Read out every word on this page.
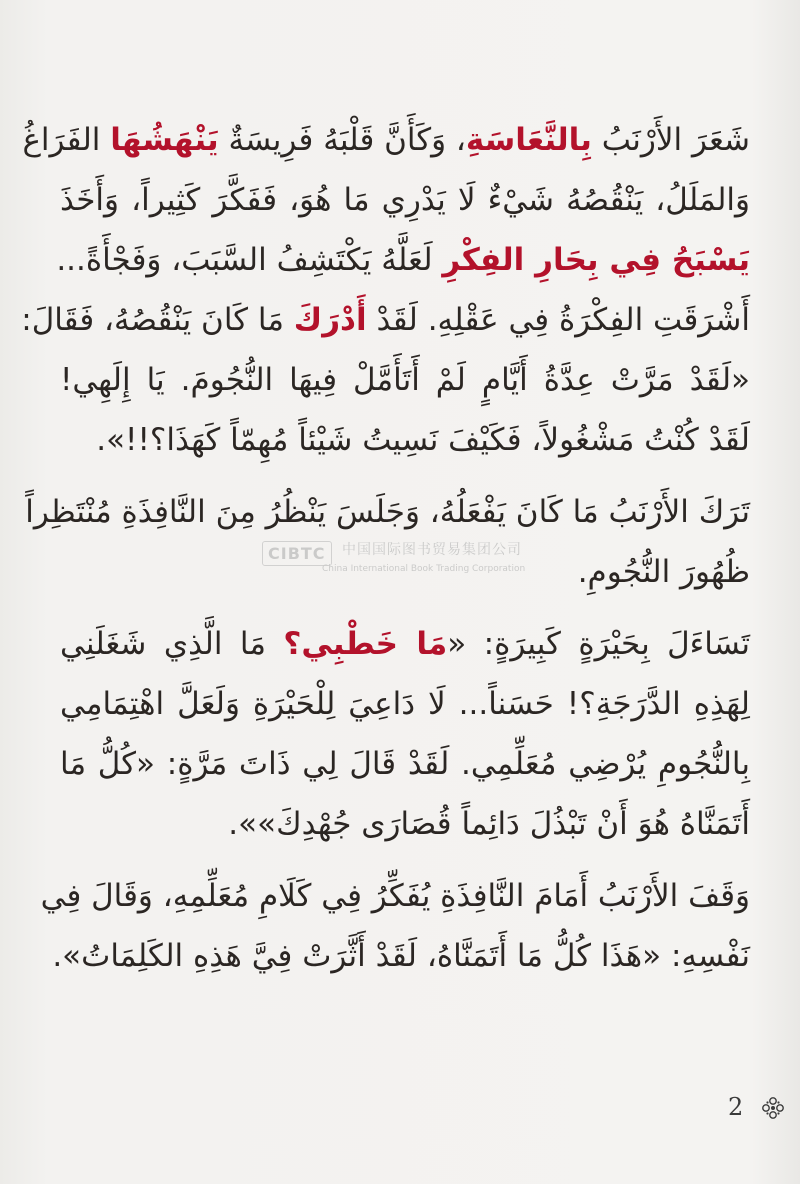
شَعَرَ الأَرْنَبُ بِالنَّعَاسَةِ، وَكَأَنَّ قَلْبَهُ فَرِيسَةٌ يَنْهَشُهَا الفَرَاغُ
وَالمَلَلُ، يَنْقُصُهُ شَيْءٌ لَا يَدْرِي مَا هُوَ، فَفَكَّرَ كَثِيراً، وَأَخَذَ
يَسْبَحُ فِي بِحَارِ الفِكْرِ لَعَلَّهُ يَكْتَشِفُ السَّبَبَ، وَفَجْأَةً...
أَشْرَقَتِ الفِكْرَةُ فِي عَقْلِهِ. لَقَدْ أَدْرَكَ مَا كَانَ يَنْقُصُهُ، فَقَالَ:
«لَقَدْ مَرَّتْ عِدَّةُ أَيَّامٍ لَمْ أَتَأَمَّلْ فِيهَا النُّجُومَ. يَا إِلَهِي!
لَقَدْ كُنْتُ مَشْغُولاً، فَكَيْفَ نَسِيتُ شَيْئاً مُهِمّاً كَهَذَا؟!!».
تَرَكَ الأَرْنَبُ مَا كَانَ يَفْعَلُهُ، وَجَلَسَ يَنْظُرُ مِنَ النَّافِذَةِ مُنْتَظِراً
ظُهُورَ النُّجُومِ.
تَسَاءَلَ بِحَيْرَةٍ كَبِيرَةٍ: «مَا خَطْبِي؟ مَا الَّذِي شَغَلَنِي
لِهَذِهِ الدَّرَجَةِ؟! حَسَناً... لَا دَاعِيَ لِلْحَيْرَةِ وَلَعَلَّ اهْتِمَامِي
بِالنُّجُومِ يُرْضِي مُعَلِّمِي. لَقَدْ قَالَ لِي ذَاتَ مَرَّةٍ: «كُلُّ مَا
أَتَمَنَّاهُ هُوَ أَنْ تَبْذُلَ دَائِماً قُصَارَى جُهْدِكَ»».
وَقَفَ الأَرْنَبُ أَمَامَ النَّافِذَةِ يُفَكِّرُ فِي كَلَامِ مُعَلِّمِهِ، وَقَالَ فِي
نَفْسِهِ: «هَذَا كُلُّ مَا أَتَمَنَّاهُ، لَقَدْ أَثَّرَتْ فِيَّ هَذِهِ الكَلِمَاتُ».
CIBTC	中国国际图书贸易集团公司
China International Book Trading Corporation
2
